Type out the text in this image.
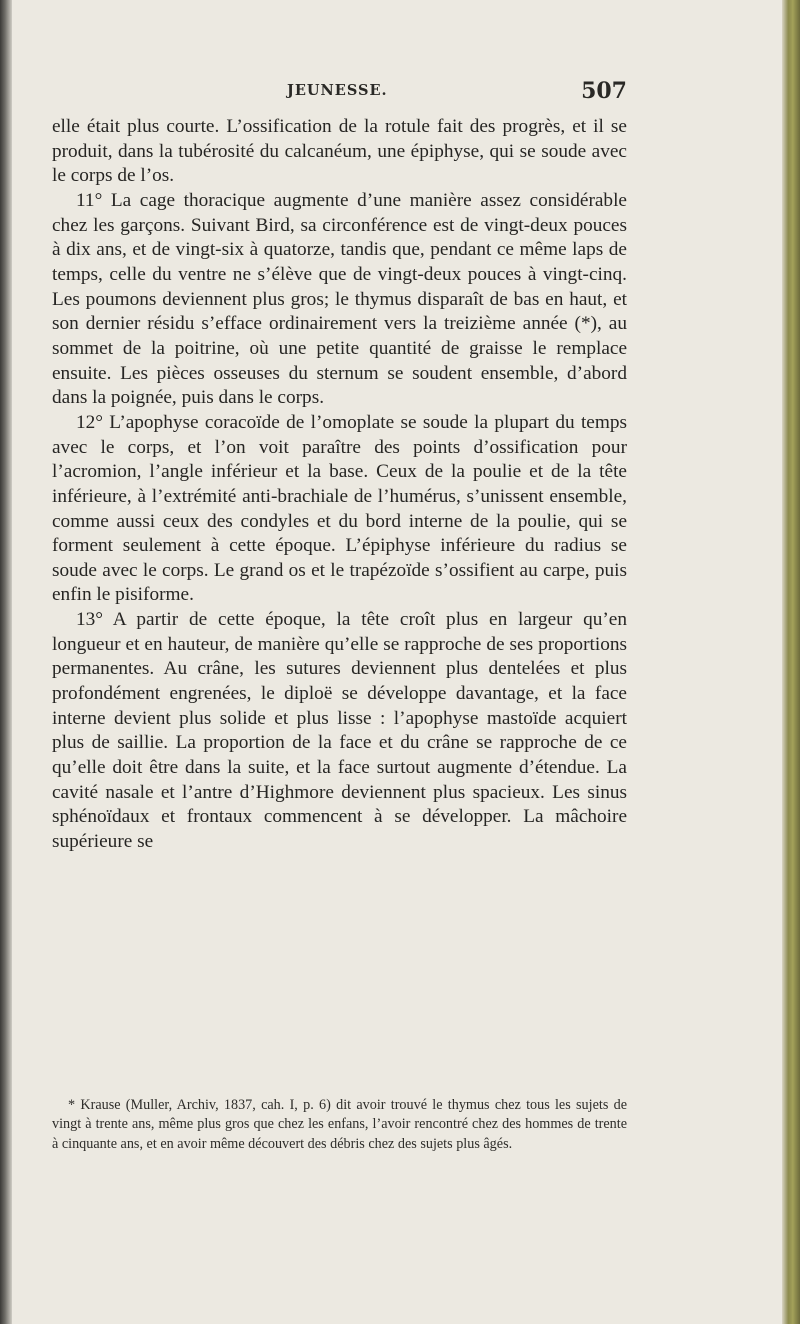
JEUNESSE.	507

elle était plus courte. L’ossification de la rotule fait des progrès, et il se produit, dans la tubérosité du calcanéum, une épiphyse, qui se soude avec le corps de l’os.

11° La cage thoracique augmente d’une manière assez considérable chez les garçons. Suivant Bird, sa circonférence est de vingt-deux pouces à dix ans, et de vingt-six à quatorze, tandis que, pendant ce même laps de temps, celle du ventre ne s’élève que de vingt-deux pouces à vingt-cinq. Les poumons deviennent plus gros; le thymus disparaît de bas en haut, et son dernier résidu s’efface ordinairement vers la treizième année (*), au sommet de la poitrine, où une petite quantité de graisse le remplace ensuite. Les pièces osseuses du sternum se soudent ensemble, d’abord dans la poignée, puis dans le corps.

12° L’apophyse coracoïde de l’omoplate se soude la plupart du temps avec le corps, et l’on voit paraître des points d’ossification pour l’acromion, l’angle inférieur et la base. Ceux de la poulie et de la tête inférieure, à l’extrémité anti-brachiale de l’humérus, s’unissent ensemble, comme aussi ceux des condyles et du bord interne de la poulie, qui se forment seulement à cette époque. L’épiphyse inférieure du radius se soude avec le corps. Le grand os et le trapézoïde s’ossifient au carpe, puis enfin le pisiforme.

13° A partir de cette époque, la tête croît plus en largeur qu’en longueur et en hauteur, de manière qu’elle se rapproche de ses proportions permanentes. Au crâne, les sutures deviennent plus dentelées et plus profondément engrenées, le diploë se développe davantage, et la face interne devient plus solide et plus lisse : l’apophyse mastoïde acquiert plus de saillie. La proportion de la face et du crâne se rapproche de ce qu’elle doit être dans la suite, et la face surtout augmente d’étendue. La cavité nasale et l’antre d’Highmore deviennent plus spacieux. Les sinus sphénoïdaux et frontaux commencent à se développer. La mâchoire supérieure se

* Krause (Muller, Archiv, 1837, cah. I, p. 6) dit avoir trouvé le thymus chez tous les sujets de vingt à trente ans, même plus gros que chez les enfans, l’avoir rencontré chez des hommes de trente à cinquante ans, et en avoir même découvert des débris chez des sujets plus âgés.
